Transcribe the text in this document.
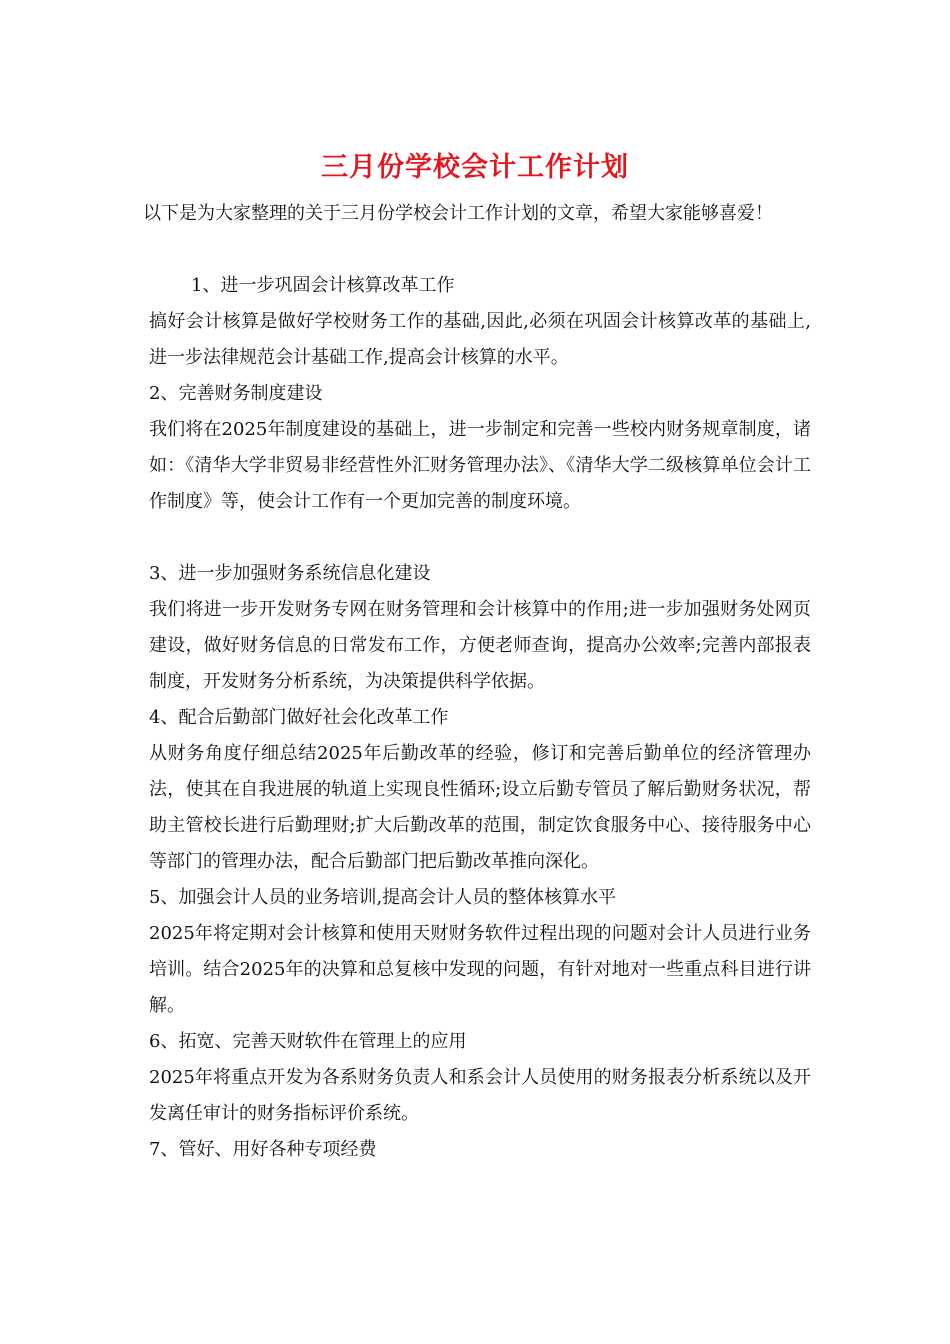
三月份学校会计工作计划

以下是为大家整理的关于三月份学校会计工作计划的文章，希望大家能够喜爱！

1、进一步巩固会计核算改革工作

搞好会计核算是做好学校财务工作的基础,因此,必须在巩固会计核算改革的基础上,进一步法律规范会计基础工作,提高会计核算的水平。

2、完善财务制度建设

我们将在2025年制度建设的基础上，进一步制定和完善一些校内财务规章制度，诸如：《清华大学非贸易非经营性外汇财务管理办法》、《清华大学二级核算单位会计工作制度》等，使会计工作有一个更加完善的制度环境。

3、进一步加强财务系统信息化建设

我们将进一步开发财务专网在财务管理和会计核算中的作用;进一步加强财务处网页建设，做好财务信息的日常发布工作，方便老师查询，提高办公效率;完善内部报表制度，开发财务分析系统，为决策提供科学依据。

4、配合后勤部门做好社会化改革工作

从财务角度仔细总结2025年后勤改革的经验，修订和完善后勤单位的经济管理办法，使其在自我进展的轨道上实现良性循环;设立后勤专管员了解后勤财务状况，帮助主管校长进行后勤理财;扩大后勤改革的范围，制定饮食服务中心、接待服务中心等部门的管理办法，配合后勤部门把后勤改革推向深化。

5、加强会计人员的业务培训,提高会计人员的整体核算水平

2025年将定期对会计核算和使用天财财务软件过程出现的问题对会计人员进行业务培训。结合2025年的决算和总复核中发现的问题，有针对地对一些重点科目进行讲解。

6、拓宽、完善天财软件在管理上的应用

2025年将重点开发为各系财务负责人和系会计人员使用的财务报表分析系统以及开发离任审计的财务指标评价系统。

7、管好、用好各种专项经费
